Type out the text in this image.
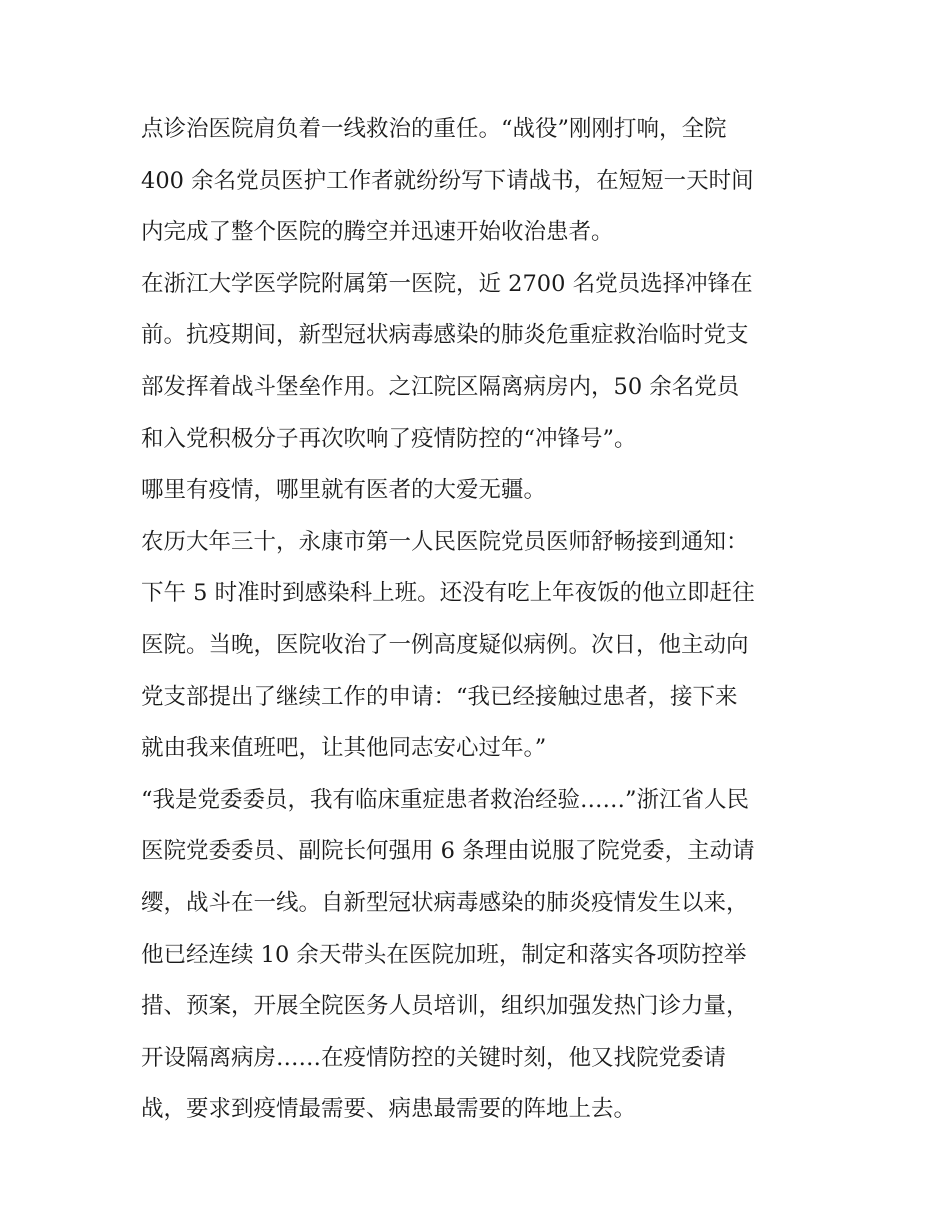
点诊治医院肩负着一线救治的重任。“战役”刚刚打响，全院
400 余名党员医护工作者就纷纷写下请战书，在短短一天时间
内完成了整个医院的腾空并迅速开始收治患者。
在浙江大学医学院附属第一医院，近 2700 名党员选择冲锋在
前。抗疫期间，新型冠状病毒感染的肺炎危重症救治临时党支
部发挥着战斗堡垒作用。之江院区隔离病房内，50 余名党员
和入党积极分子再次吹响了疫情防控的“冲锋号”。
哪里有疫情，哪里就有医者的大爱无疆。
农历大年三十，永康市第一人民医院党员医师舒畅接到通知：
下午 5 时准时到感染科上班。还没有吃上年夜饭的他立即赶往
医院。当晚，医院收治了一例高度疑似病例。次日，他主动向
党支部提出了继续工作的申请：“我已经接触过患者，接下来
就由我来值班吧，让其他同志安心过年。”
“我是党委委员，我有临床重症患者救治经验……”浙江省人民
医院党委委员、副院长何强用 6 条理由说服了院党委，主动请
缨，战斗在一线。自新型冠状病毒感染的肺炎疫情发生以来，
他已经连续 10 余天带头在医院加班，制定和落实各项防控举
措、预案，开展全院医务人员培训，组织加强发热门诊力量，
开设隔离病房……在疫情防控的关键时刻，他又找院党委请
战，要求到疫情最需要、病患最需要的阵地上去。
